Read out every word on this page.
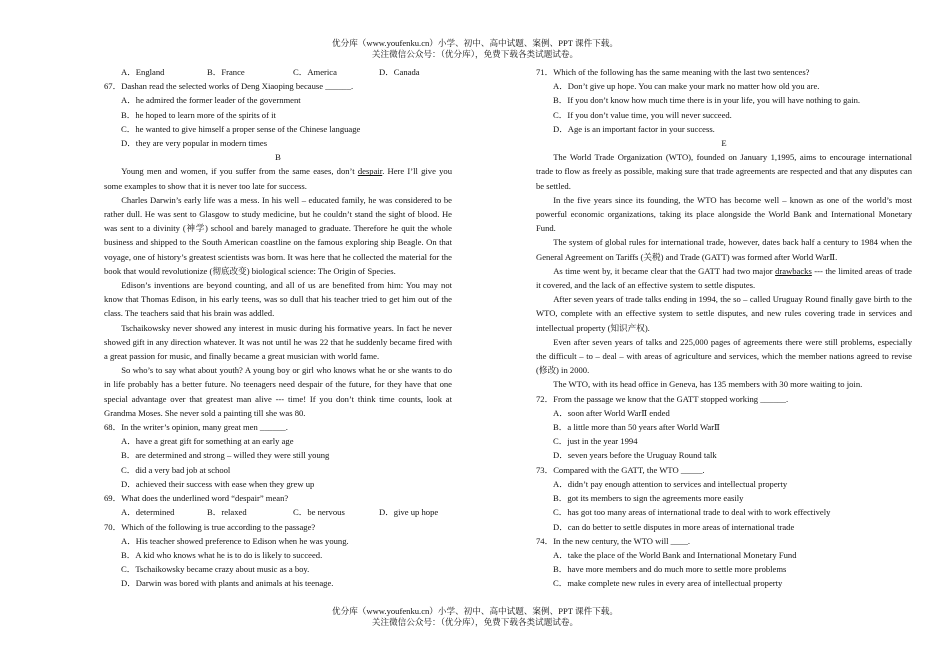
优分库（www.youfenku.cn）小学、初中、高中试题、案例、PPT 课件下载。
关注微信公众号：（优分库），免费下载各类试题试卷。
A．England	B．France	C．America	D．Canada

67．Dashan read the selected works of Deng Xiaoping because ______.

A．he admired the former leader of the government

B．he hoped to learn more of the spirits of it

C．he wanted to give himself a proper sense of the Chinese language

D．they are very popular in modern times

B

Young men and women, if you suffer from the same eases, don’t despair. Here I’ll give you some examples to show that it is never too late for success.

Charles Darwin’s early life was a mess. In his well – educated family, he was considered to be rather dull. He was sent to Glasgow to study medicine, but he couldn’t stand the sight of blood. He was sent to a divinity (神学) school and barely managed to graduate. Therefore he quit the whole business and shipped to the South American coastline on the famous exploring ship Beagle. On that voyage, one of history’s greatest scientists was born. It was here that he collected the material for the book that would revolutionize (彻底改变) biological science: The Origin of Species.

Edison’s inventions are beyond counting, and all of us are benefited from him: You may not know that Thomas Edison, in his early teens, was so dull that his teacher tried to get him out of the class. The teachers said that his brain was addled.

Tschaikowsky never showed any interest in music during his formative years. In fact he never showed gift in any direction whatever. It was not until he was 22 that he suddenly became fired with a great passion for music, and finally became a great musician with world fame.

So who’s to say what about youth? A young boy or girl who knows what he or she wants to do in life probably has a better future. No teenagers need despair of the future, for they have that one special advantage over that greatest man alive --- time! If you don’t think time counts, look at Grandma Moses. She never sold a painting till she was 80.

68．In the writer’s opinion, many great men ______.

A．have a great gift for something at an early age

B．are determined and strong – willed they were still young

C．did a very bad job at school

D．achieved their success with ease when they grew up

69．What does the underlined word “despair” mean?

A．determined	B．relaxed	C．be nervous	D．give up hope

70．Which of the following is true according to the passage?

A．His teacher showed preference to Edison when he was young.

B．A kid who knows what he is to do is likely to succeed.

C．Tschaikowsky became crazy about music as a boy.

D．Darwin was bored with plants and animals at his teenage.

71．Which of the following has the same meaning with the last two sentences?

A．Don’t give up hope. You can make your mark no matter how old you are.

B．If you don’t know how much time there is in your life, you will have nothing to gain.

C．If you don’t value time, you will never succeed.

D．Age is an important factor in your success.

E

The World Trade Organization (WTO), founded on January 1,1995, aims to encourage international trade to flow as freely as possible, making sure that trade agreements are respected and that any disputes can be settled.

In the five years since its founding, the WTO has become well – known as one of the world’s most powerful economic organizations, taking its place alongside the World Bank and International Monetary Fund.

The system of global rules for international trade, however, dates back half a century to 1984 when the General Agreement on Tariffs (关税) and Trade (GATT) was formed after World WarⅡ.

As time went by, it became clear that the GATT had two major drawbacks --- the limited areas of trade it covered, and the lack of an effective system to settle disputes.

After seven years of trade talks ending in 1994, the so – called Uruguay Round finally gave birth to the WTO, complete with an effective system to settle disputes, and new rules covering trade in services and intellectual property (知识产权).

Even after seven years of talks and 225,000 pages of agreements there were still problems, especially the difficult – to – deal – with areas of agriculture and services, which the member nations agreed to revise (修改) in 2000.

The WTO, with its head office in Geneva, has 135 members with 30 more waiting to join.

72．From the passage we know that the GATT stopped working ______.

A．soon after World WarⅡ ended

B．a little more than 50 years after World WarⅡ

C．just in the year 1994

D．seven years before the Uruguay Round talk

73．Compared with the GATT, the WTO _____.

A．didn’t pay enough attention to services and intellectual property

B．got its members to sign the agreements more easily

C．has got too many areas of international trade to deal with to work effectively

D．can do better to settle disputes in more areas of international trade

74．In the new century, the WTO will ____.

A．take the place of the World Bank and International Monetary Fund

B．have more members and do much more to settle more problems

C．make complete new rules in every area of intellectual property

优分库（www.youfenku.cn）小学、初中、高中试题、案例、PPT 课件下载。
关注微信公众号：（优分库），免费下载各类试题试卷。
